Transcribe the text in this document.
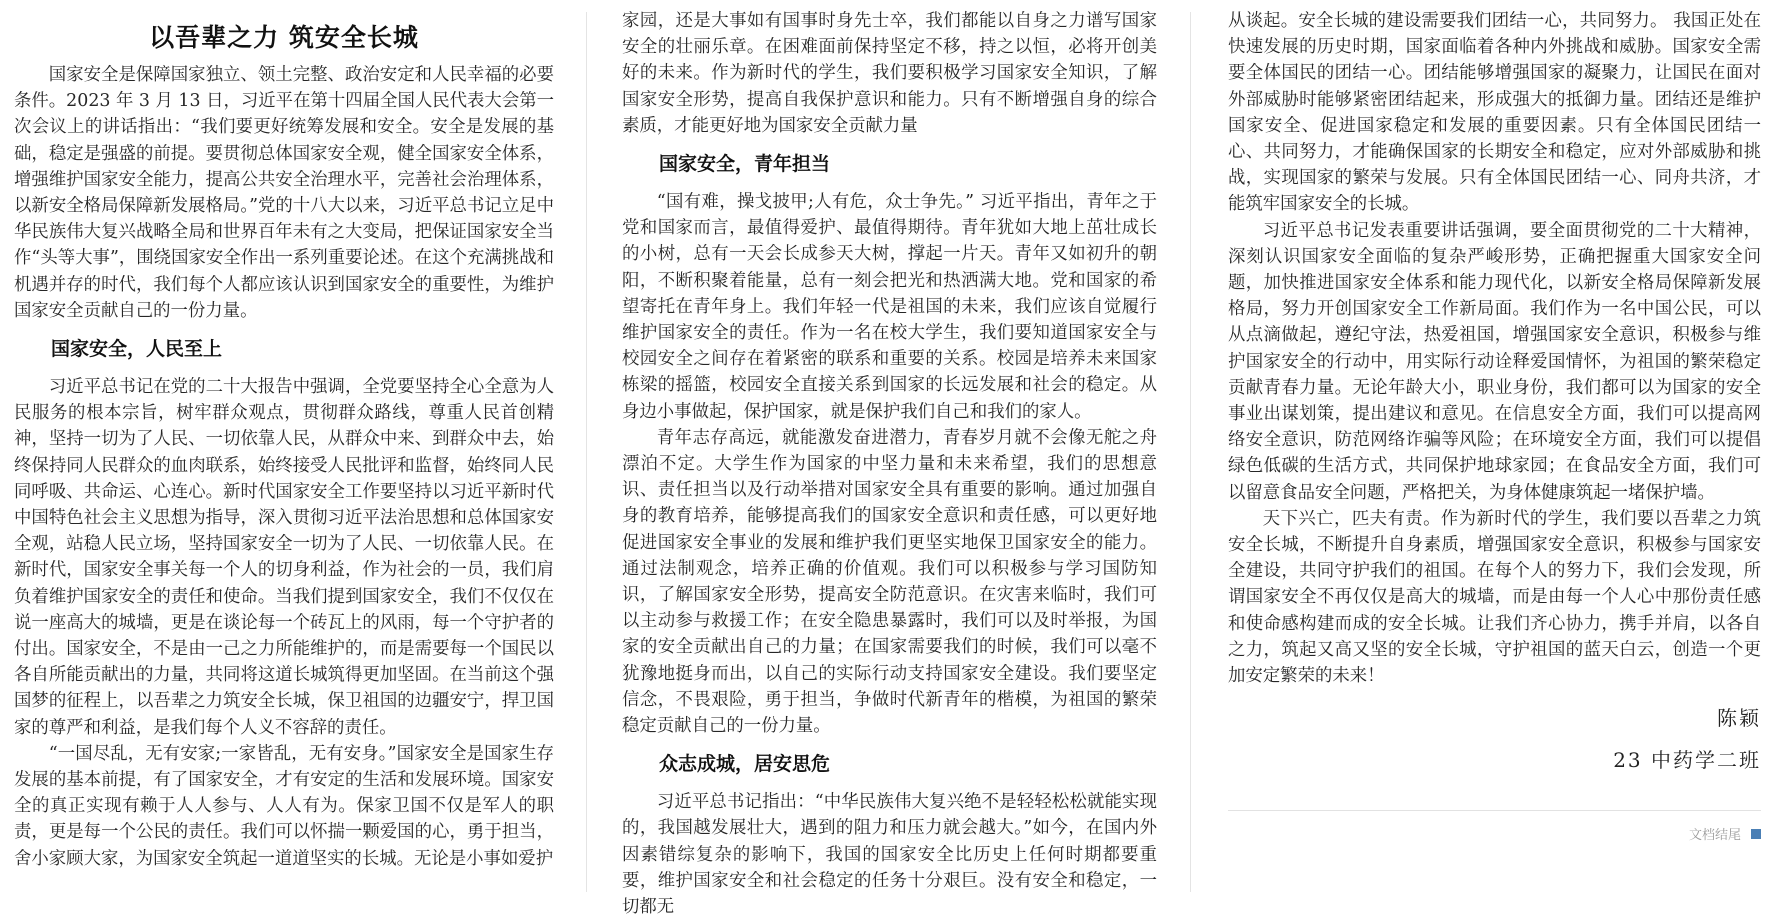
以吾辈之力 筑安全长城

国家安全是保障国家独立、领土完整、政治安定和人民幸福的必要条件。2023 年 3 月 13 日，习近平在第十四届全国人民代表大会第一次会议上的讲话指出：“我们要更好统筹发展和安全。安全是发展的基础，稳定是强盛的前提。要贯彻总体国家安全观，健全国家安全体系，增强维护国家安全能力，提高公共安全治理水平，完善社会治理体系，以新安全格局保障新发展格局。”党的十八大以来，习近平总书记立足中华民族伟大复兴战略全局和世界百年未有之大变局，把保证国家安全当作“头等大事”，围绕国家安全作出一系列重要论述。在这个充满挑战和机遇并存的时代，我们每个人都应该认识到国家安全的重要性，为维护国家安全贡献自己的一份力量。

国家安全，人民至上

习近平总书记在党的二十大报告中强调，全党要坚持全心全意为人民服务的根本宗旨，树牢群众观点，贯彻群众路线，尊重人民首创精神，坚持一切为了人民、一切依靠人民，从群众中来、到群众中去，始终保持同人民群众的血肉联系，始终接受人民批评和监督，始终同人民同呼吸、共命运、心连心。新时代国家安全工作要坚持以习近平新时代中国特色社会主义思想为指导，深入贯彻习近平法治思想和总体国家安全观，站稳人民立场，坚持国家安全一切为了人民、一切依靠人民。在新时代，国家安全事关每一个人的切身利益，作为社会的一员，我们肩负着维护国家安全的责任和使命。当我们提到国家安全，我们不仅仅在说一座高大的城墙，更是在谈论每一个砖瓦上的风雨，每一个守护者的付出。国家安全，不是由一己之力所能维护的，而是需要每一个国民以各自所能贡献出的力量，共同将这道长城筑得更加坚固。在当前这个强国梦的征程上，以吾辈之力筑安全长城，保卫祖国的边疆安宁，捍卫国家的尊严和利益，是我们每个人义不容辞的责任。

“一国尽乱，无有安家;一家皆乱，无有安身。”国家安全是国家生存发展的基本前提，有了国家安全，才有安定的生活和发展环境。国家安全的真正实现有赖于人人参与、人人有为。保家卫国不仅是军人的职责，更是每一个公民的责任。我们可以怀揣一颗爱国的心，勇于担当，舍小家顾大家，为国家安全筑起一道道坚实的长城。无论是小事如爱护

家园，还是大事如有国事时身先士卒，我们都能以自身之力谱写国家安全的壮丽乐章。在困难面前保持坚定不移，持之以恒，必将开创美好的未来。作为新时代的学生，我们要积极学习国家安全知识，了解国家安全形势，提高自我保护意识和能力。只有不断增强自身的综合素质，才能更好地为国家安全贡献力量

国家安全，青年担当

“国有难，操戈披甲;人有危，众士争先。” 习近平指出，青年之于党和国家而言，最值得爱护、最值得期待。青年犹如大地上茁壮成长的小树，总有一天会长成参天大树，撑起一片天。青年又如初升的朝阳，不断积聚着能量，总有一刻会把光和热洒满大地。党和国家的希望寄托在青年身上。我们年轻一代是祖国的未来，我们应该自觉履行维护国家安全的责任。作为一名在校大学生，我们要知道国家安全与校园安全之间存在着紧密的联系和重要的关系。校园是培养未来国家栋梁的摇篮，校园安全直接关系到国家的长远发展和社会的稳定。从身边小事做起，保护国家，就是保护我们自己和我们的家人。

青年志存高远，就能激发奋进潜力，青春岁月就不会像无舵之舟漂泊不定。大学生作为国家的中坚力量和未来希望，我们的思想意识、责任担当以及行动举措对国家安全具有重要的影响。通过加强自身的教育培养，能够提高我们的国家安全意识和责任感，可以更好地促进国家安全事业的发展和维护我们更坚实地保卫国家安全的能力。通过法制观念，培养正确的价值观。我们可以积极参与学习国防知识，了解国家安全形势，提高安全防范意识。在灾害来临时，我们可以主动参与救援工作；在安全隐患暴露时，我们可以及时举报，为国家的安全贡献出自己的力量；在国家需要我们的时候，我们可以毫不犹豫地挺身而出，以自己的实际行动支持国家安全建设。我们要坚定信念，不畏艰险，勇于担当，争做时代新青年的楷模，为祖国的繁荣稳定贡献自己的一份力量。

众志成城，居安思危

习近平总书记指出：“中华民族伟大复兴绝不是轻轻松松就能实现的，我国越发展壮大，遇到的阻力和压力就会越大。”如今，在国内外因素错综复杂的影响下，我国的国家安全比历史上任何时期都要重要，维护国家安全和社会稳定的任务十分艰巨。没有安全和稳定，一切都无

从谈起。安全长城的建设需要我们团结一心，共同努力。 我国正处在快速发展的历史时期，国家面临着各种内外挑战和威胁。国家安全需要全体国民的团结一心。团结能够增强国家的凝聚力，让国民在面对外部威胁时能够紧密团结起来，形成强大的抵御力量。团结还是维护国家安全、促进国家稳定和发展的重要因素。只有全体国民团结一心、共同努力，才能确保国家的长期安全和稳定，应对外部威胁和挑战，实现国家的繁荣与发展。只有全体国民团结一心、同舟共济，才能筑牢国家安全的长城。

习近平总书记发表重要讲话强调，要全面贯彻党的二十大精神，深刻认识国家安全面临的复杂严峻形势，正确把握重大国家安全问题，加快推进国家安全体系和能力现代化，以新安全格局保障新发展格局，努力开创国家安全工作新局面。我们作为一名中国公民，可以从点滴做起，遵纪守法，热爱祖国，增强国家安全意识，积极参与维护国家安全的行动中，用实际行动诠释爱国情怀，为祖国的繁荣稳定贡献青春力量。无论年龄大小，职业身份，我们都可以为国家的安全事业出谋划策，提出建议和意见。在信息安全方面，我们可以提高网络安全意识，防范网络诈骗等风险；在环境安全方面，我们可以提倡绿色低碳的生活方式，共同保护地球家园；在食品安全方面，我们可以留意食品安全问题，严格把关，为身体健康筑起一堵保护墙。

天下兴亡，匹夫有责。作为新时代的学生，我们要以吾辈之力筑安全长城，不断提升自身素质，增强国家安全意识，积极参与国家安全建设，共同守护我们的祖国。在每个人的努力下，我们会发现，所谓国家安全不再仅仅是高大的城墙，而是由每一个人心中那份责任感和使命感构建而成的安全长城。让我们齐心协力，携手并肩，以各自之力，筑起又高又坚的安全长城，守护祖国的蓝天白云，创造一个更加安定繁荣的未来！

陈颖
23 中药学二班
文档结尾
